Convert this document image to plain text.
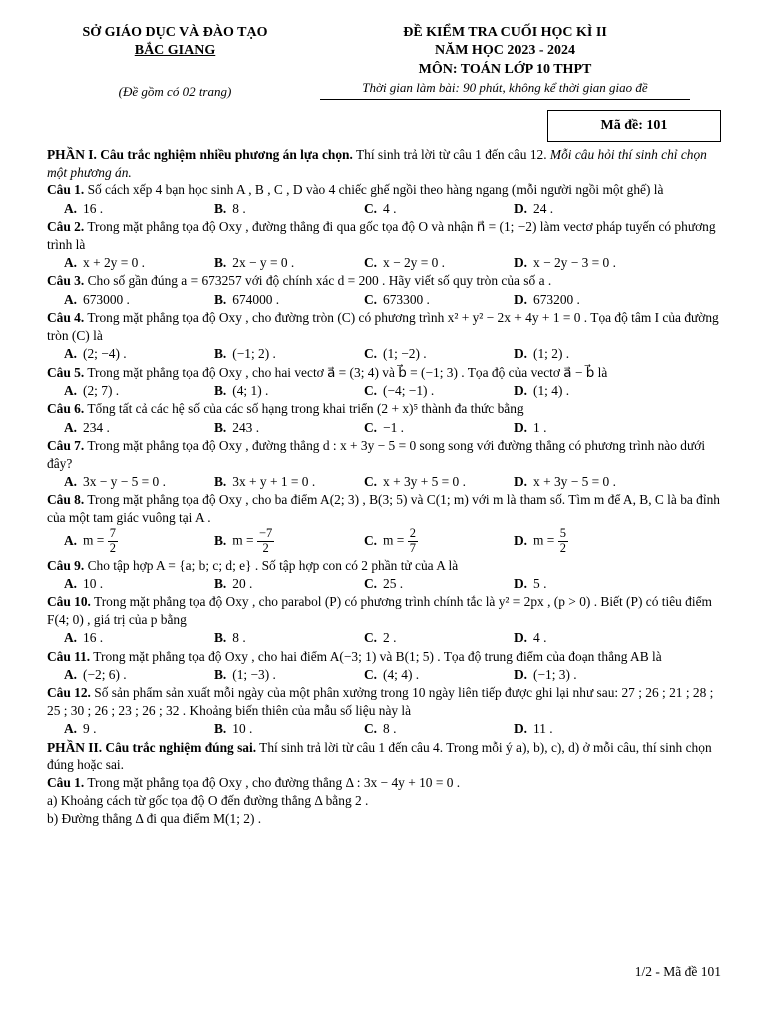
SỞ GIÁO DỤC VÀ ĐÀO TẠO
BẮC GIANG
(Đề gồm có 02 trang)
ĐỀ KIỂM TRA CUỐI HỌC KÌ II
NĂM HỌC 2023 - 2024
MÔN: TOÁN LỚP 10 THPT
Thời gian làm bài: 90 phút, không kể thời gian giao đề
Mã đề: 101

PHẦN I. Câu trắc nghiệm nhiều phương án lựa chọn. Thí sinh trả lời từ câu 1 đến câu 12. Mỗi câu hỏi thí sinh chỉ chọn một phương án.

Câu 1. Số cách xếp 4 bạn học sinh A , B , C , D vào 4 chiếc ghế ngồi theo hàng ngang (mỗi người ngồi một ghế) là

A. 16 .	B. 8 .	C. 4 .	D. 24 .

Câu 2. Trong mặt phẳng tọa độ Oxy , đường thẳng đi qua gốc tọa độ O và nhận n⃗ = (1; −2) làm vectơ pháp tuyến có phương trình là

A. x + 2y = 0 .	B. 2x − y = 0 .	C. x − 2y = 0 .	D. x − 2y − 3 = 0 .

Câu 3. Cho số gần đúng a = 673257 với độ chính xác d = 200 . Hãy viết số quy tròn của số a .

A. 673000 .	B. 674000 .	C. 673300 .	D. 673200 .

Câu 4. Trong mặt phẳng tọa độ Oxy , cho đường tròn (C) có phương trình x² + y² − 2x + 4y + 1 = 0 . Tọa độ tâm I của đường tròn (C) là

A. (2; −4) .	B. (−1; 2) .	C. (1; −2) .	D. (1; 2) .

Câu 5. Trong mặt phẳng tọa độ Oxy , cho hai vectơ a⃗ = (3; 4) và b⃗ = (−1; 3) . Tọa độ của vectơ a⃗ − b⃗ là

A. (2; 7) .	B. (4; 1) .	C. (−4; −1) .	D. (1; 4) .

Câu 6. Tổng tất cả các hệ số của các số hạng trong khai triển (2 + x)⁵ thành đa thức bằng

A. 234 .	B. 243 .	C. −1 .	D. 1 .

Câu 7. Trong mặt phẳng tọa độ Oxy , đường thẳng d : x + 3y − 5 = 0 song song với đường thẳng có phương trình nào dưới đây?

A. 3x − y − 5 = 0 .	B. 3x + y + 1 = 0 .	C. x + 3y + 5 = 0 .	D. x + 3y − 5 = 0 .

Câu 8. Trong mặt phẳng tọa độ Oxy , cho ba điểm A(2; 3) , B(3; 5) và C(1; m) với m là tham số. Tìm m để A, B, C là ba đỉnh của một tam giác vuông tại A .

A. $m = \frac{7}{2}$	B. $m = \frac{-7}{2}$	C. $m = \frac{2}{7}$	D. $m = \frac{5}{2}$

Câu 9. Cho tập hợp A = {a; b; c; d; e} . Số tập hợp con có 2 phần tử của A là

A. 10 .	B. 20 .	C. 25 .	D. 5 .

Câu 10. Trong mặt phẳng tọa độ Oxy , cho parabol (P) có phương trình chính tắc là y² = 2px , (p > 0) . Biết (P) có tiêu điểm F(4; 0) , giá trị của p bằng

A. 16 .	B. 8 .	C. 2 .	D. 4 .

Câu 11. Trong mặt phẳng tọa độ Oxy , cho hai điểm A(−3; 1) và B(1; 5) . Tọa độ trung điểm của đoạn thẳng AB là

A. (−2; 6) .	B. (1; −3) .	C. (4; 4) .	D. (−1; 3) .

Câu 12. Số sản phẩm sản xuất mỗi ngày của một phân xưởng trong 10 ngày liên tiếp được ghi lại như sau: 27 ; 26 ; 21 ; 28 ; 25 ; 30 ; 26 ; 23 ; 26 ; 32 . Khoảng biến thiên của mẫu số liệu này là

A. 9 .	B. 10 .	C. 8 .	D. 11 .

PHẦN II. Câu trắc nghiệm đúng sai. Thí sinh trả lời từ câu 1 đến câu 4. Trong mỗi ý a), b), c), d) ở mỗi câu, thí sinh chọn đúng hoặc sai.

Câu 1. Trong mặt phẳng tọa độ Oxy , cho đường thẳng Δ : 3x − 4y + 10 = 0 .

a) Khoảng cách từ gốc tọa độ O đến đường thẳng Δ bằng 2 .

b) Đường thẳng Δ đi qua điểm M(1; 2) .

1/2 - Mã đề 101
